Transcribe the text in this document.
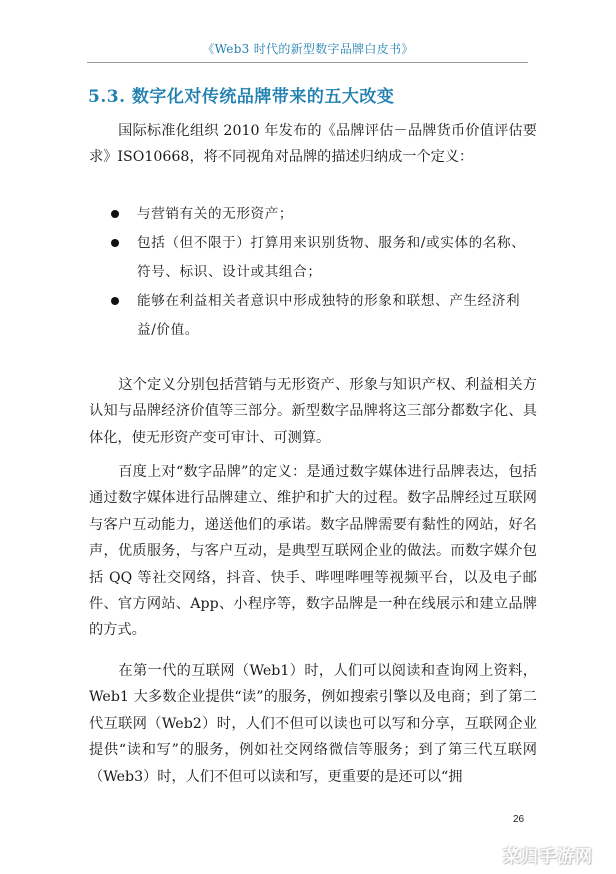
《Web3 时代的新型数字品牌白皮书》
5.3. 数字化对传统品牌带来的五大改变

国际标准化组织 2010 年发布的《品牌评估－品牌货币价值评估要求》ISO10668，将不同视角对品牌的描述归纳成一个定义：

与营销有关的无形资产；
包括（但不限于）打算用来识别货物、服务和/或实体的名称、符号、标识、设计或其组合；
能够在利益相关者意识中形成独特的形象和联想、产生经济利益/价值。

这个定义分别包括营销与无形资产、形象与知识产权、利益相关方认知与品牌经济价值等三部分。新型数字品牌将这三部分都数字化、具体化，使无形资产变可审计、可测算。

百度上对“数字品牌”的定义：是通过数字媒体进行品牌表达，包括通过数字媒体进行品牌建立、维护和扩大的过程。数字品牌经过互联网与客户互动能力，递送他们的承诺。数字品牌需要有黏性的网站，好名声，优质服务，与客户互动，是典型互联网企业的做法。而数字媒介包括 QQ 等社交网络，抖音、快手、哔哩哔哩等视频平台，以及电子邮件、官方网站、App、小程序等，数字品牌是一种在线展示和建立品牌的方式。

在第一代的互联网（Web1）时，人们可以阅读和查询网上资料，Web1 大多数企业提供“读”的服务，例如搜索引擎以及电商；到了第二代互联网（Web2）时，人们不但可以读也可以写和分享，互联网企业提供“读和写”的服务，例如社交网络微信等服务；到了第三代互联网（Web3）时，人们不但可以读和写，更重要的是还可以“拥

26
菜归手游网
